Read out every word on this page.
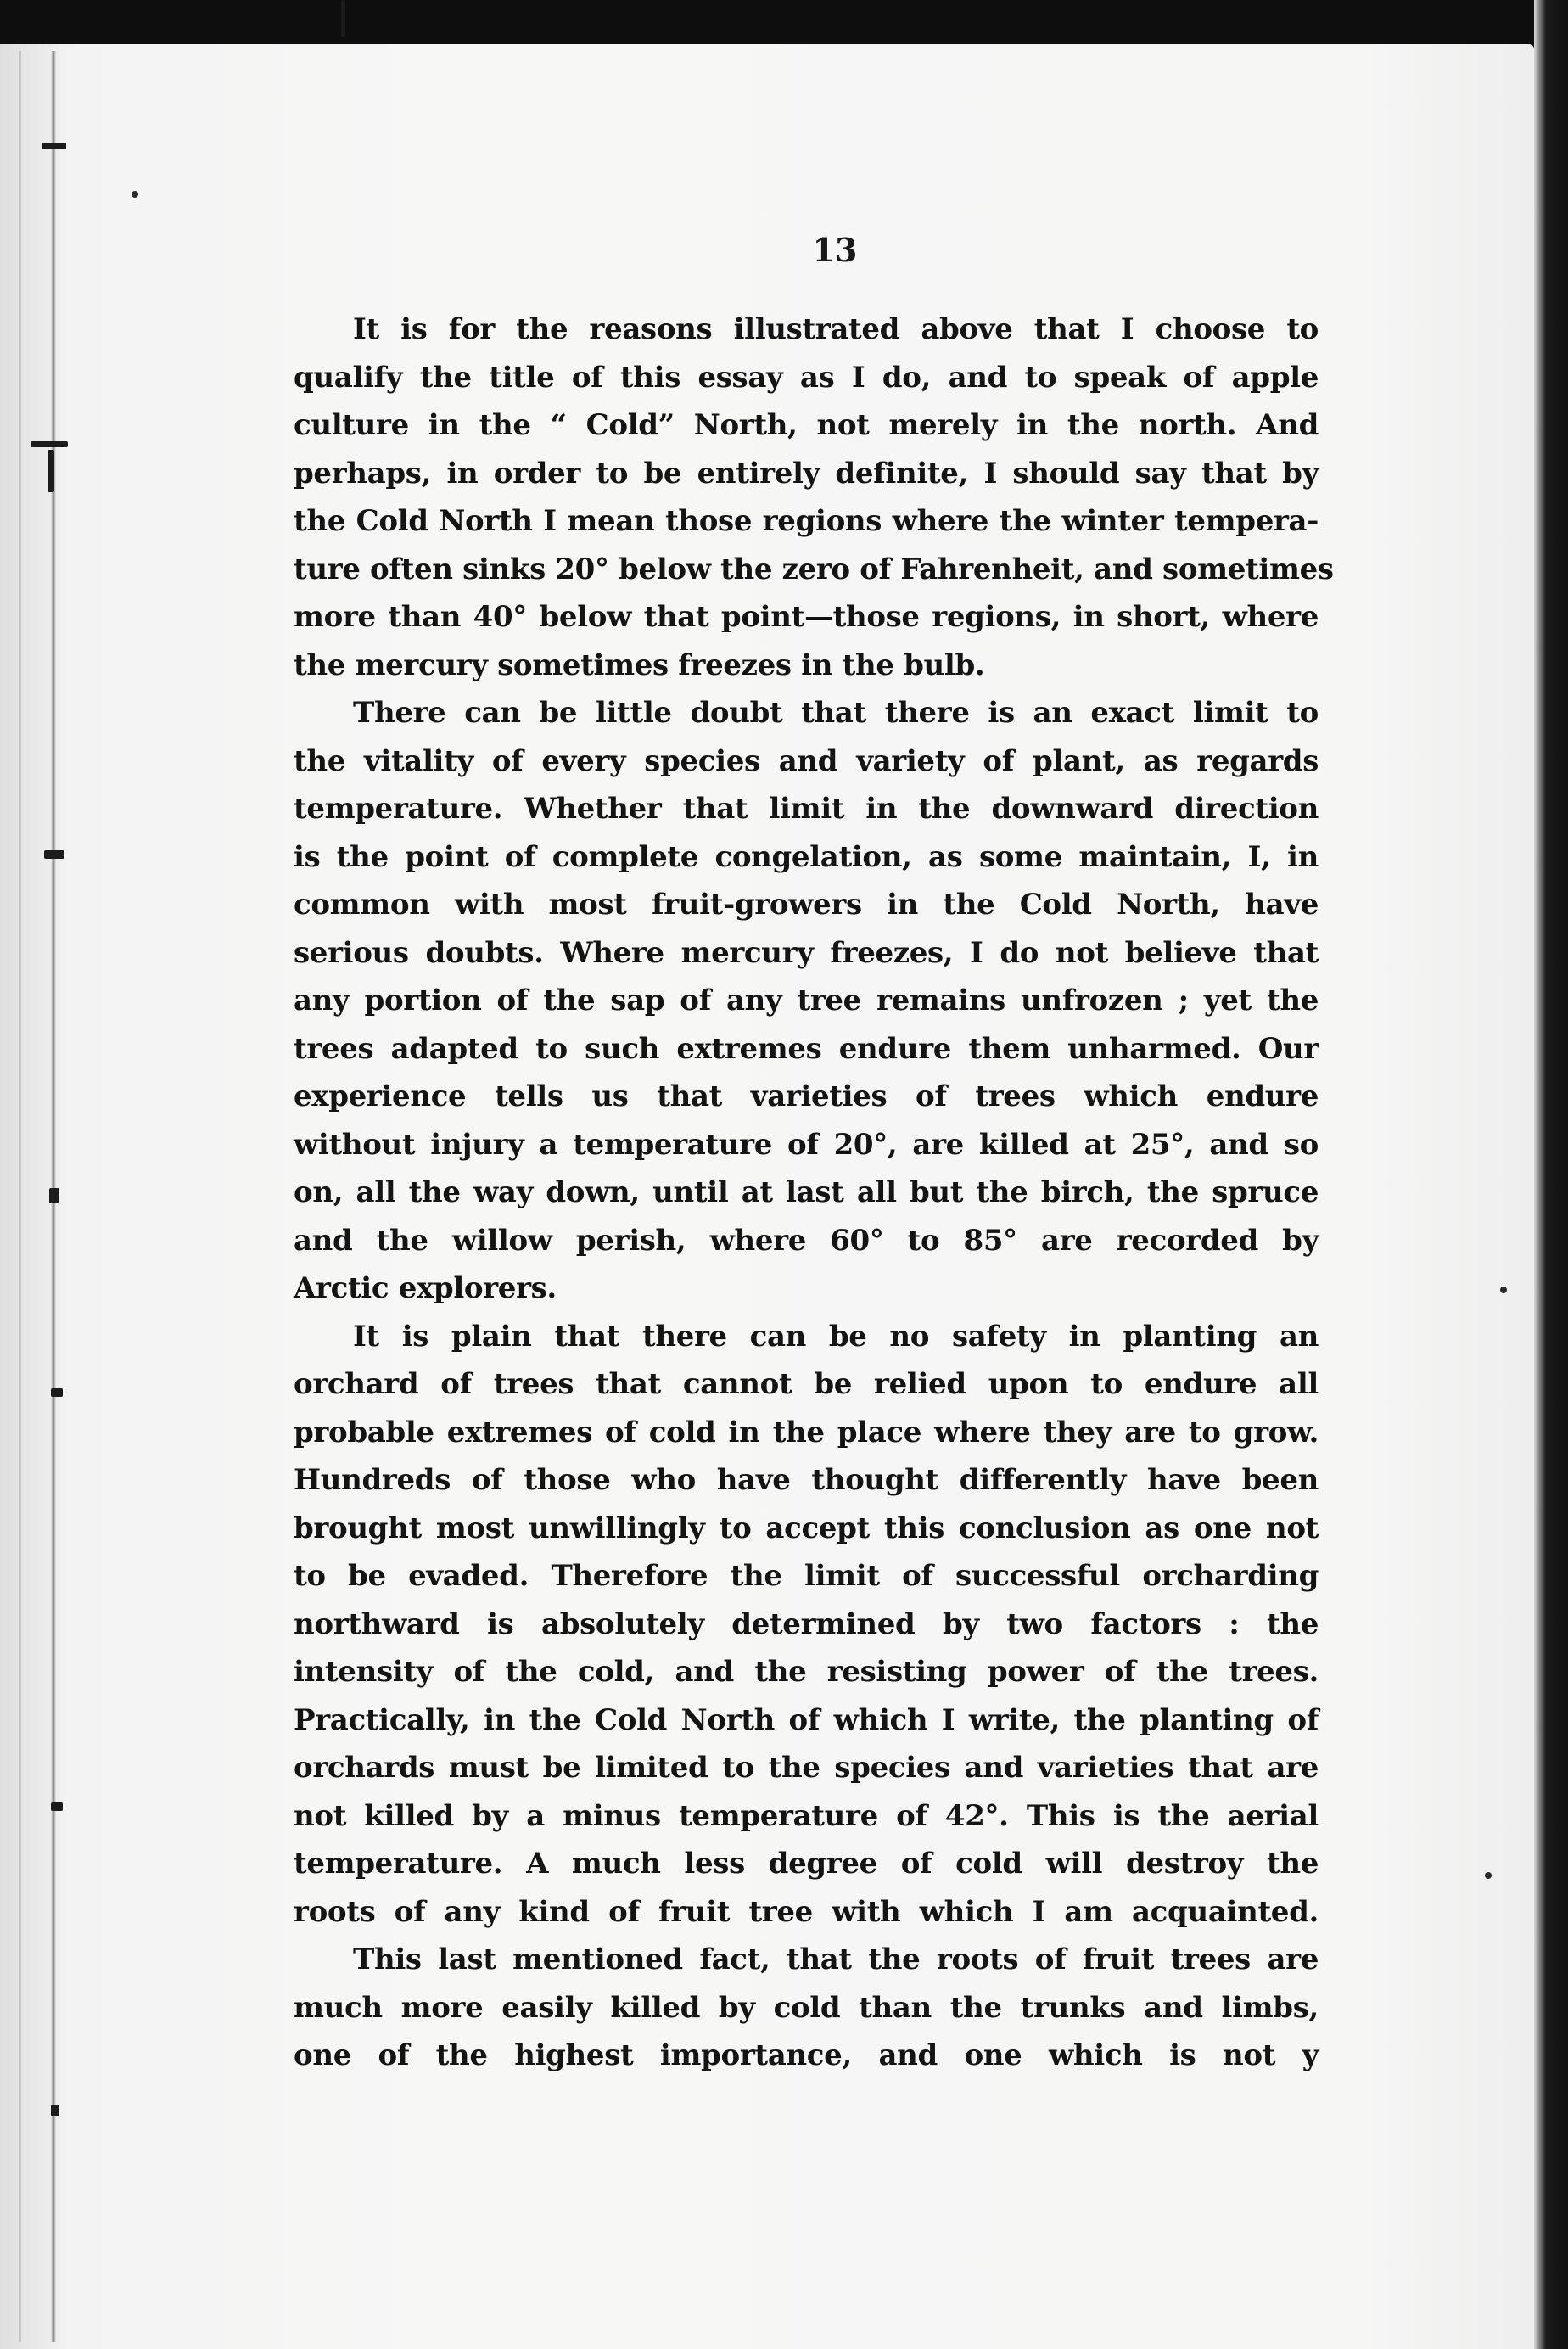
13

It is for the reasons illustrated above that I choose to
qualify the title of this essay as I do, and to speak of apple
culture in the “ Cold” North, not merely in the north. And
perhaps, in order to be entirely definite, I should say that by
the Cold North I mean those regions where the winter tempera-
ture often sinks 20° below the zero of Fahrenheit, and sometimes
more than 40° below that point—those regions, in short, where
the mercury sometimes freezes in the bulb.

There can be little doubt that there is an exact limit to
the vitality of every species and variety of plant, as regards
temperature. Whether that limit in the downward direction
is the point of complete congelation, as some maintain, I, in
common with most fruit-growers in the Cold North, have
serious doubts. Where mercury freezes, I do not believe that
any portion of the sap of any tree remains unfrozen ; yet the
trees adapted to such extremes endure them unharmed. Our
experience tells us that varieties of trees which endure
without injury a temperature of 20°, are killed at 25°, and so
on, all the way down, until at last all but the birch, the spruce
and the willow perish, where 60° to 85° are recorded by
Arctic explorers.

It is plain that there can be no safety in planting an
orchard of trees that cannot be relied upon to endure all
probable extremes of cold in the place where they are to grow.
Hundreds of those who have thought differently have been
brought most unwillingly to accept this conclusion as one not
to be evaded. Therefore the limit of successful orcharding
northward is absolutely determined by two factors : the
intensity of the cold, and the resisting power of the trees.
Practically, in the Cold North of which I write, the planting of
orchards must be limited to the species and varieties that are
not killed by a minus temperature of 42°. This is the aerial
temperature. A much less degree of cold will destroy the
roots of any kind of fruit tree with which I am acquainted.

This last mentioned fact, that the roots of fruit trees are
much more easily killed by cold than the trunks and limbs,
one of the highest importance, and one which is not y
